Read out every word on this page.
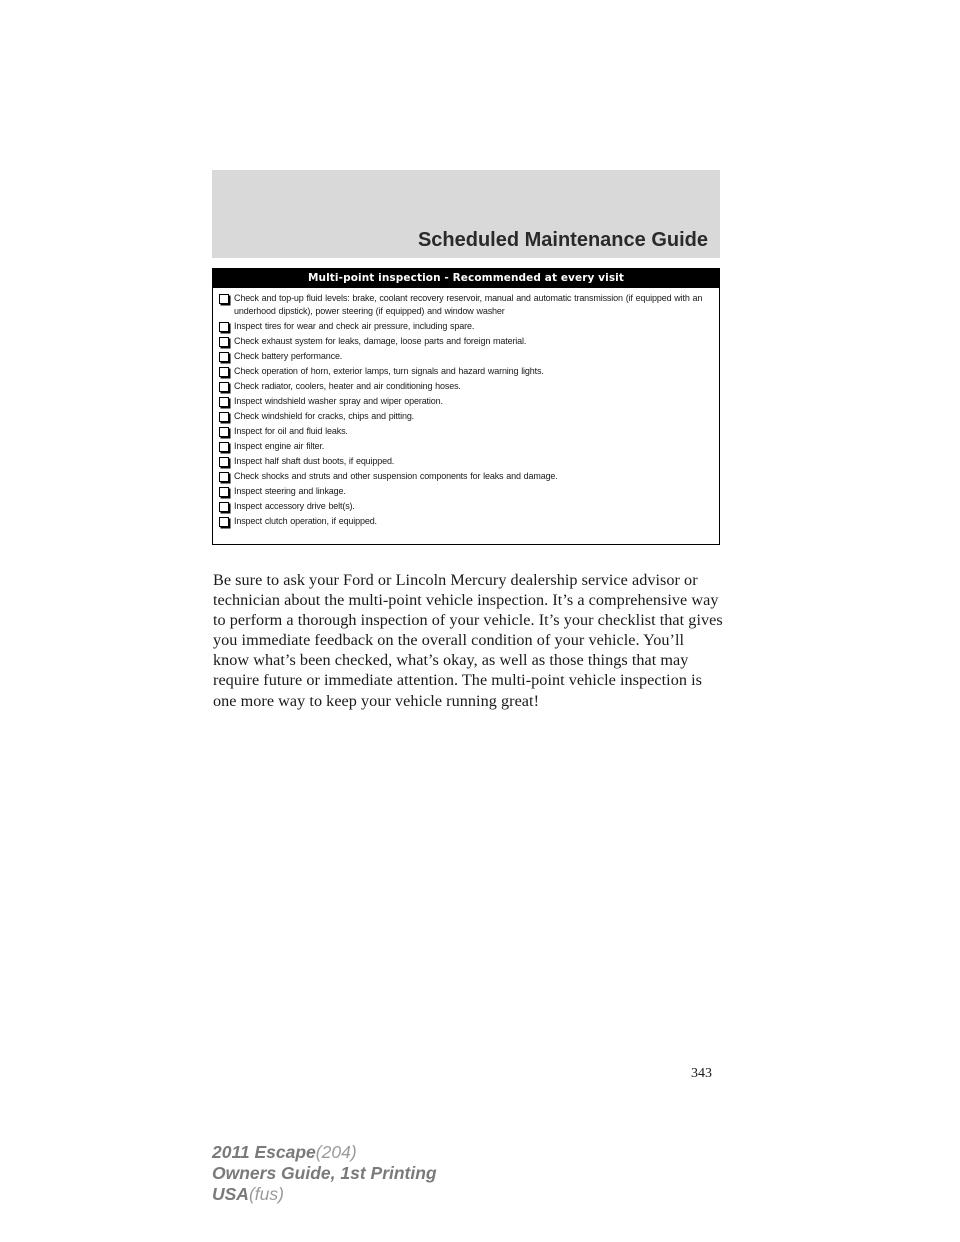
Scheduled Maintenance Guide
Multi-point inspection - Recommended at every visit
Check and top-up fluid levels: brake, coolant recovery reservoir, manual and automatic transmission (if equipped with an underhood dipstick), power steering (if equipped) and window washer
Inspect tires for wear and check air pressure, including spare.
Check exhaust system for leaks, damage, loose parts and foreign material.
Check battery performance.
Check operation of horn, exterior lamps, turn signals and hazard warning lights.
Check radiator, coolers, heater and air conditioning hoses.
Inspect windshield washer spray and wiper operation.
Check windshield for cracks, chips and pitting.
Inspect for oil and fluid leaks.
Inspect engine air filter.
Inspect half shaft dust boots, if equipped.
Check shocks and struts and other suspension components for leaks and damage.
Inspect steering and linkage.
Inspect accessory drive belt(s).
Inspect clutch operation, if equipped.

Be sure to ask your Ford or Lincoln Mercury dealership service advisor or technician about the multi-point vehicle inspection. It’s a comprehensive way to perform a thorough inspection of your vehicle. It’s your checklist that gives you immediate feedback on the overall condition of your vehicle. You’ll know what’s been checked, what’s okay, as well as those things that may require future or immediate attention. The multi-point vehicle inspection is one more way to keep your vehicle running great!

343
2011 Escape(204)
Owners Guide, 1st Printing
USA(fus)
